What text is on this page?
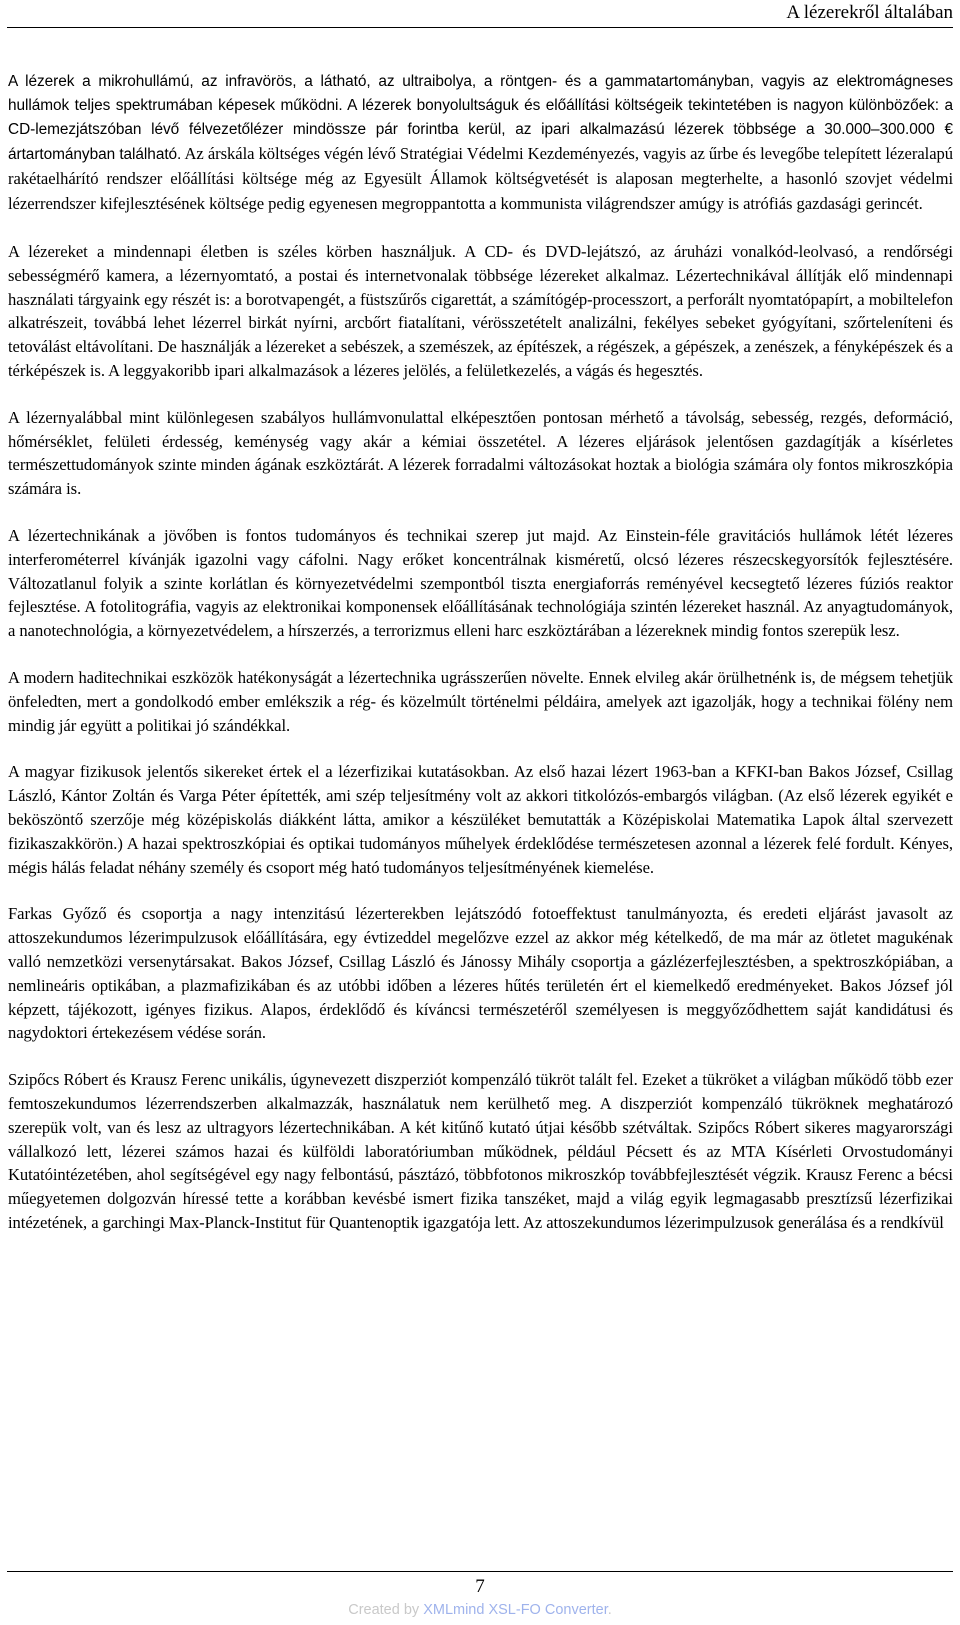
A lézerekről általában

A lézerek a mikrohullámú, az infravörös, a látható, az ultraibolya, a röntgen- és a gammatartományban, vagyis az elektromágneses hullámok teljes spektrumában képesek működni. A lézerek bonyolultságuk és előállítási költségeik tekintetében is nagyon különbözőek: a CD-lemezjátszóban lévő félvezetőlézer mindössze pár forintba kerül, az ipari alkalmazású lézerek többsége a 30.000–300.000 € ártartományban található. Az árskála költséges végén lévő Stratégiai Védelmi Kezdeményezés, vagyis az űrbe és levegőbe telepített lézeralapú rakétaelhárító rendszer előállítási költsége még az Egyesült Államok költségvetését is alaposan megterhelte, a hasonló szovjet védelmi lézerrendszer kifejlesztésének költsége pedig egyenesen megroppantotta a kommunista világrendszer amúgy is atrófiás gazdasági gerincét.

A lézereket a mindennapi életben is széles körben használjuk. A CD- és DVD-lejátszó, az áruházi vonalkód-leolvasó, a rendőrségi sebességmérő kamera, a lézernyomtató, a postai és internetvonalak többsége lézereket alkalmaz. Lézertechnikával állítják elő mindennapi használati tárgyaink egy részét is: a borotvapengét, a füstszűrős cigarettát, a számítógép-processzort, a perforált nyomtatópapírt, a mobiltelefon alkatrészeit, továbbá lehet lézerrel birkát nyírni, arcbőrt fiatalítani, vérösszetételt analizálni, fekélyes sebeket gyógyítani, szőrteleníteni és tetoválást eltávolítani. De használják a lézereket a sebészek, a szemészek, az építészek, a régészek, a gépészek, a zenészek, a fényképészek és a térképészek is. A leggyakoribb ipari alkalmazások a lézeres jelölés, a felületkezelés, a vágás és hegesztés.

A lézernyalábbal mint különlegesen szabályos hullámvonulattal elképesztően pontosan mérhető a távolság, sebesség, rezgés, deformáció, hőmérséklet, felületi érdesség, keménység vagy akár a kémiai összetétel. A lézeres eljárások jelentősen gazdagítják a kísérletes természettudományok szinte minden ágának eszköztárát. A lézerek forradalmi változásokat hoztak a biológia számára oly fontos mikroszkópia számára is.

A lézertechnikának a jövőben is fontos tudományos és technikai szerep jut majd. Az Einstein-féle gravitációs hullámok létét lézeres interferométerrel kívánják igazolni vagy cáfolni. Nagy erőket koncentrálnak kisméretű, olcsó lézeres részecskegyorsítók fejlesztésére. Változatlanul folyik a szinte korlátlan és környezetvédelmi szempontból tiszta energiaforrás reményével kecsegtető lézeres fúziós reaktor fejlesztése. A fotolitográfia, vagyis az elektronikai komponensek előállításának technológiája szintén lézereket használ. Az anyagtudományok, a nanotechnológia, a környezetvédelem, a hírszerzés, a terrorizmus elleni harc eszköztárában a lézereknek mindig fontos szerepük lesz.

A modern haditechnikai eszközök hatékonyságát a lézertechnika ugrásszerűen növelte. Ennek elvileg akár örülhetnénk is, de mégsem tehetjük önfeledten, mert a gondolkodó ember emlékszik a rég- és közelmúlt történelmi példáira, amelyek azt igazolják, hogy a technikai fölény nem mindig jár együtt a politikai jó szándékkal.

A magyar fizikusok jelentős sikereket értek el a lézerfizikai kutatásokban. Az első hazai lézert 1963-ban a KFKI-ban Bakos József, Csillag László, Kántor Zoltán és Varga Péter építették, ami szép teljesítmény volt az akkori titkolózós-embargós világban. (Az első lézerek egyikét e beköszöntő szerzője még középiskolás diákként látta, amikor a készüléket bemutatták a Középiskolai Matematika Lapok által szervezett fizikaszakkörön.) A hazai spektroszkópiai és optikai tudományos műhelyek érdeklődése természetesen azonnal a lézerek felé fordult. Kényes, mégis hálás feladat néhány személy és csoport még ható tudományos teljesítményének kiemelése.

Farkas Győző és csoportja a nagy intenzitású lézerterekben lejátszódó fotoeffektust tanulmányozta, és eredeti eljárást javasolt az attoszekundumos lézerimpulzusok előállítására, egy évtizeddel megelőzve ezzel az akkor még kételkedő, de ma már az ötletet magukénak valló nemzetközi versenytársakat. Bakos József, Csillag László és Jánossy Mihály csoportja a gázlézerfejlesztésben, a spektroszkópiában, a nemlineáris optikában, a plazmafizikában és az utóbbi időben a lézeres hűtés területén ért el kiemelkedő eredményeket. Bakos József jól képzett, tájékozott, igényes fizikus. Alapos, érdeklődő és kíváncsi természetéről személyesen is meggyőződhettem saját kandidátusi és nagydoktori értekezésem védése során.

Szipőcs Róbert és Krausz Ferenc unikális, úgynevezett diszperziót kompenzáló tükröt talált fel. Ezeket a tükröket a világban működő több ezer femtoszekundumos lézerrendszerben alkalmazzák, használatuk nem kerülhető meg. A diszperziót kompenzáló tükröknek meghatározó szerepük volt, van és lesz az ultragyors lézertechnikában. A két kitűnő kutató útjai később szétváltak. Szipőcs Róbert sikeres magyarországi vállalkozó lett, lézerei számos hazai és külföldi laboratóriumban működnek, például Pécsett és az MTA Kísérleti Orvostudományi Kutatóintézetében, ahol segítségével egy nagy felbontású, pásztázó, többfotonos mikroszkóp továbbfejlesztését végzik. Krausz Ferenc a bécsi műegyetemen dolgozván híressé tette a korábban kevésbé ismert fizika tanszéket, majd a világ egyik legmagasabb presztízsű lézerfizikai intézetének, a garchingi Max-Planck-Institut für Quantenoptik igazgatója lett. Az attoszekundumos lézerimpulzusok generálása és a rendkívül

7
Created by XMLmind XSL-FO Converter.
